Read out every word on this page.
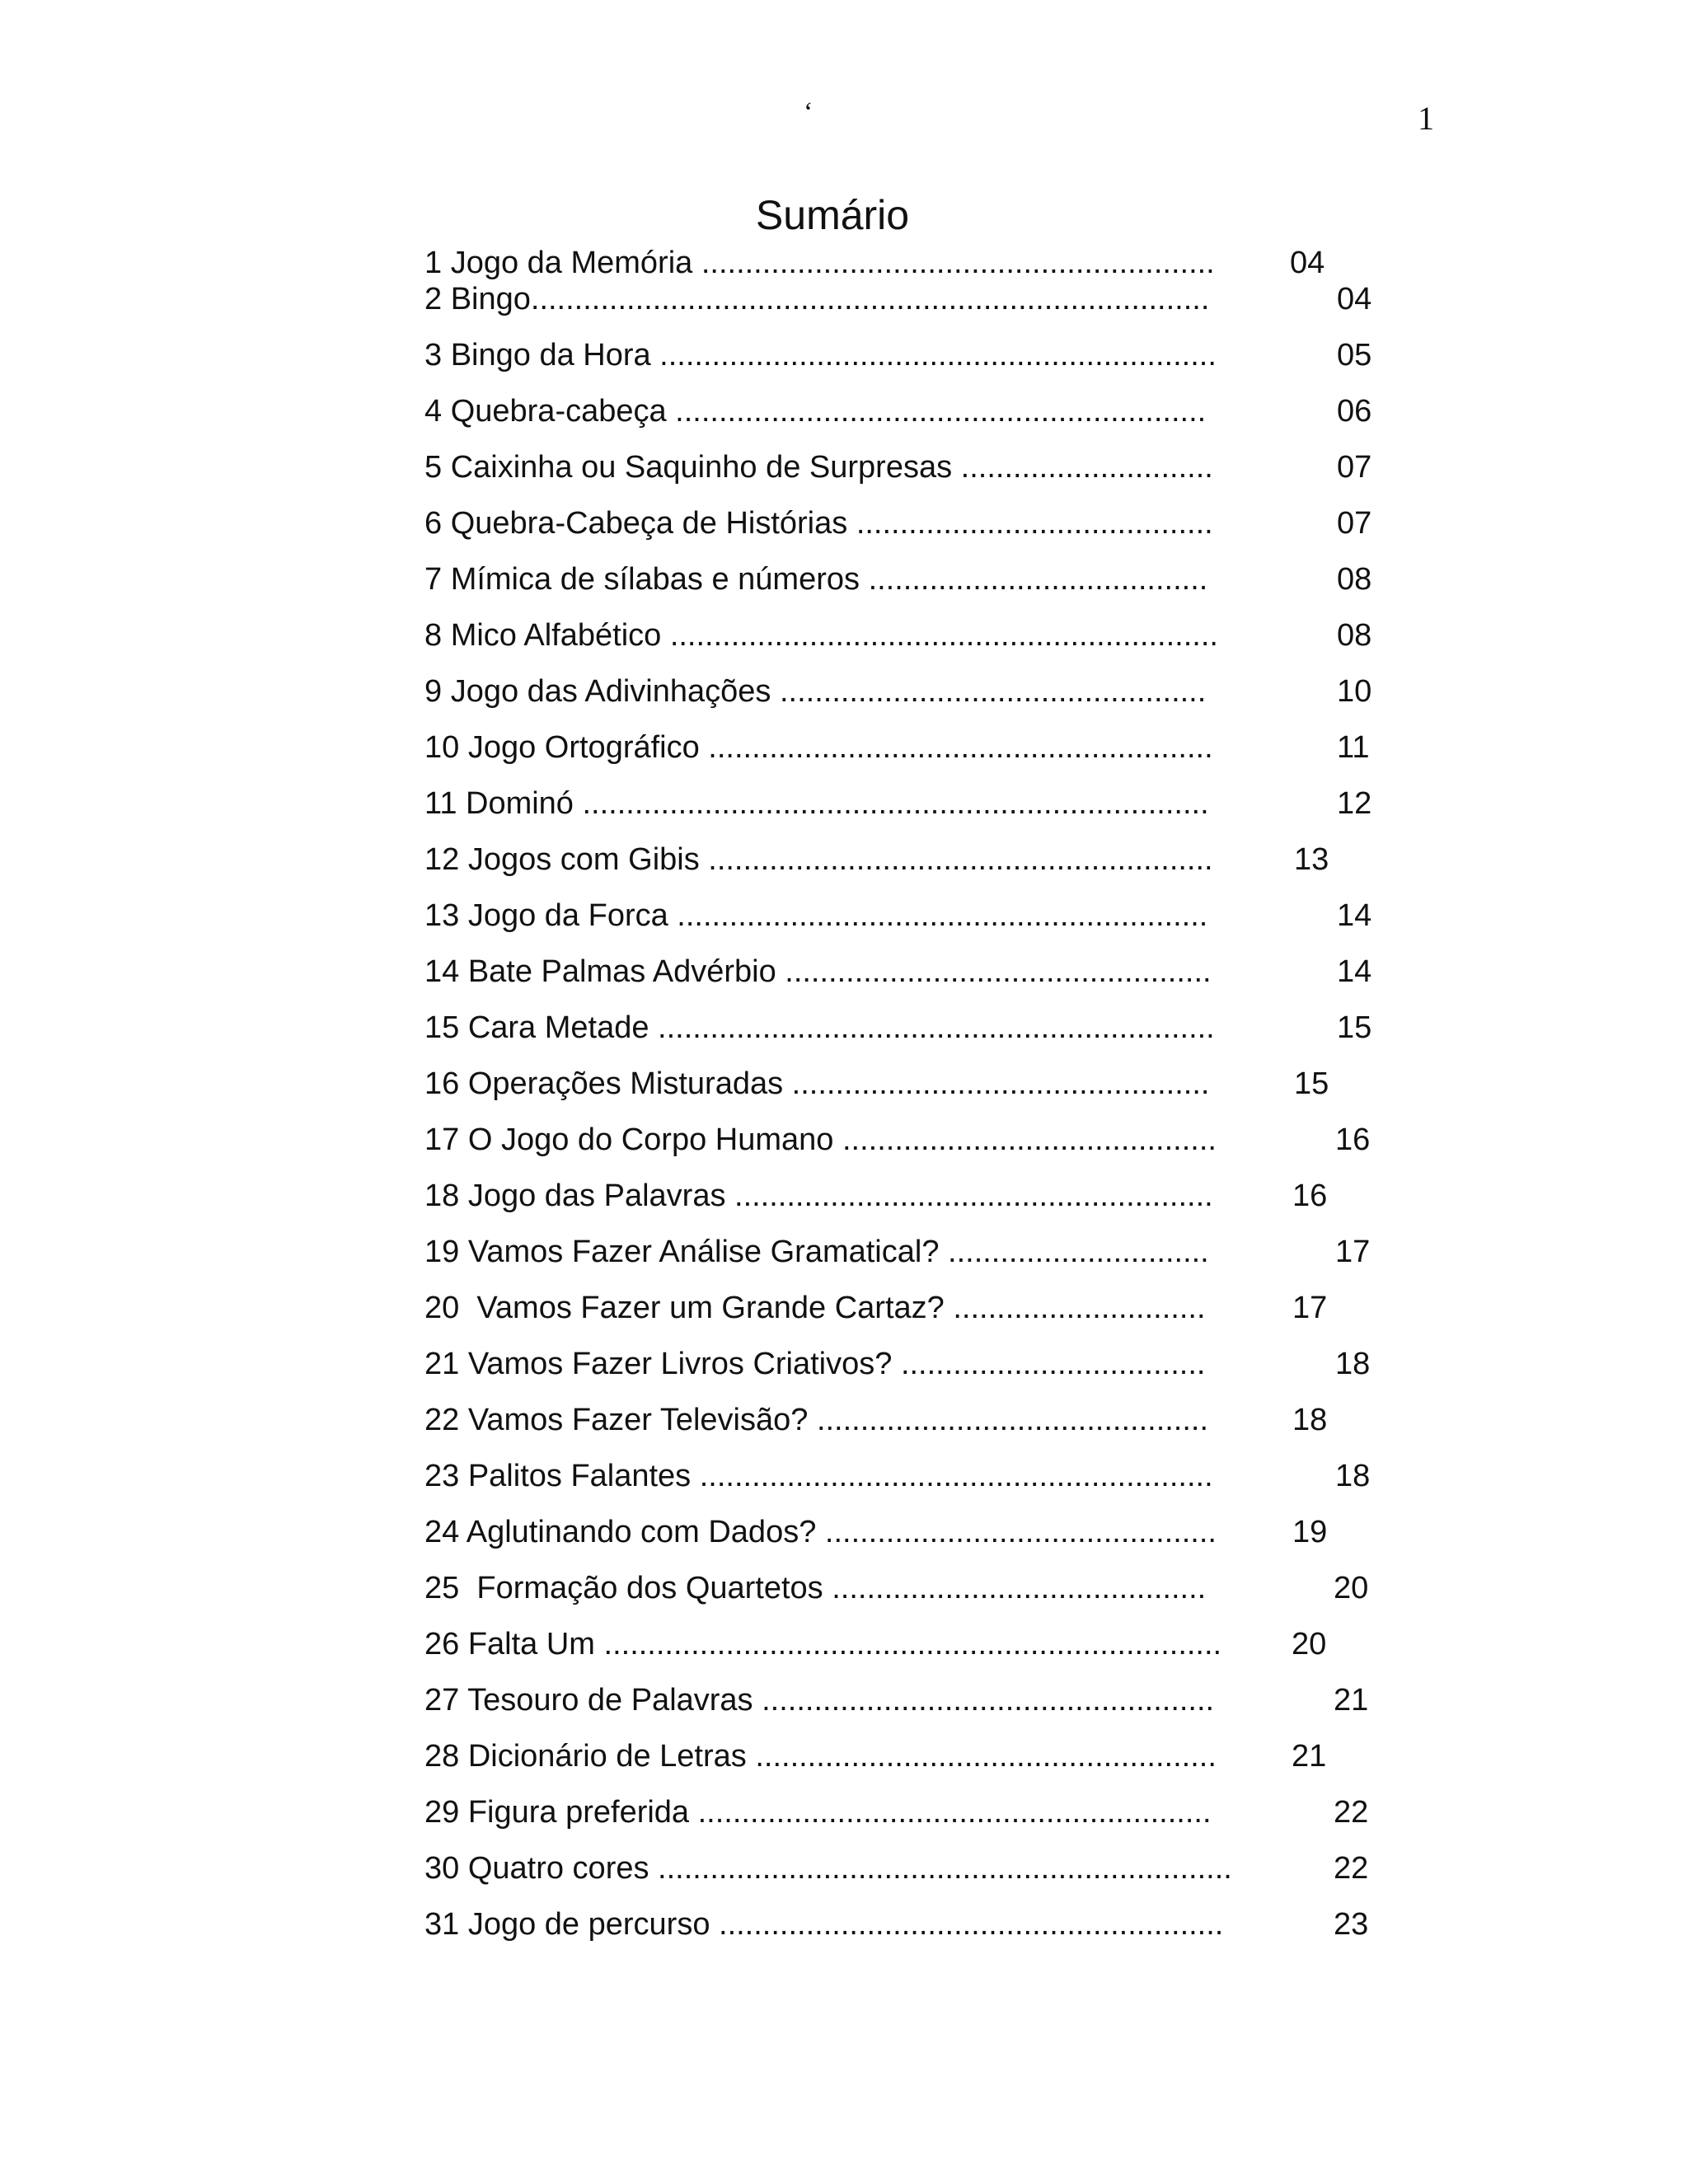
‘	1
Sumário
1 Jogo da Memória ........................................................... 04
2 Bingo..............................................................................	04
3 Bingo da Hora ................................................................	05
4 Quebra-cabeça .............................................................	06
5 Caixinha ou Saquinho de Surpresas .............................	07
6 Quebra-Cabeça de Histórias .........................................	07
7 Mímica de sílabas e números .......................................	08
8 Mico Alfabético ...............................................................	08
9 Jogo das Adivinhações .................................................	10
10 Jogo Ortográfico ..........................................................	11
11 Dominó ........................................................................	12
12 Jogos com Gibis ..........................................................	13
13 Jogo da Forca .............................................................	14
14 Bate Palmas Advérbio .................................................	14
15 Cara Metade ................................................................	15
16 Operações Misturadas ................................................	15
17 O Jogo do Corpo Humano ...........................................	16
18 Jogo das Palavras .......................................................	16
19 Vamos Fazer Análise Gramatical? ..............................	17
20  Vamos Fazer um Grande Cartaz? .............................	17
21 Vamos Fazer Livros Criativos? ...................................	18
22 Vamos Fazer Televisão? .............................................	18
23 Palitos Falantes ...........................................................	18
24 Aglutinando com Dados? ............................................. 19
25  Formação dos Quartetos ...........................................	20
26 Falta Um ....................................................................... 20
27 Tesouro de Palavras ....................................................	21
28 Dicionário de Letras ..................................................... 21
29 Figura preferida ...........................................................	22
30 Quatro cores ..................................................................	22
31 Jogo de percurso ..........................................................	23
